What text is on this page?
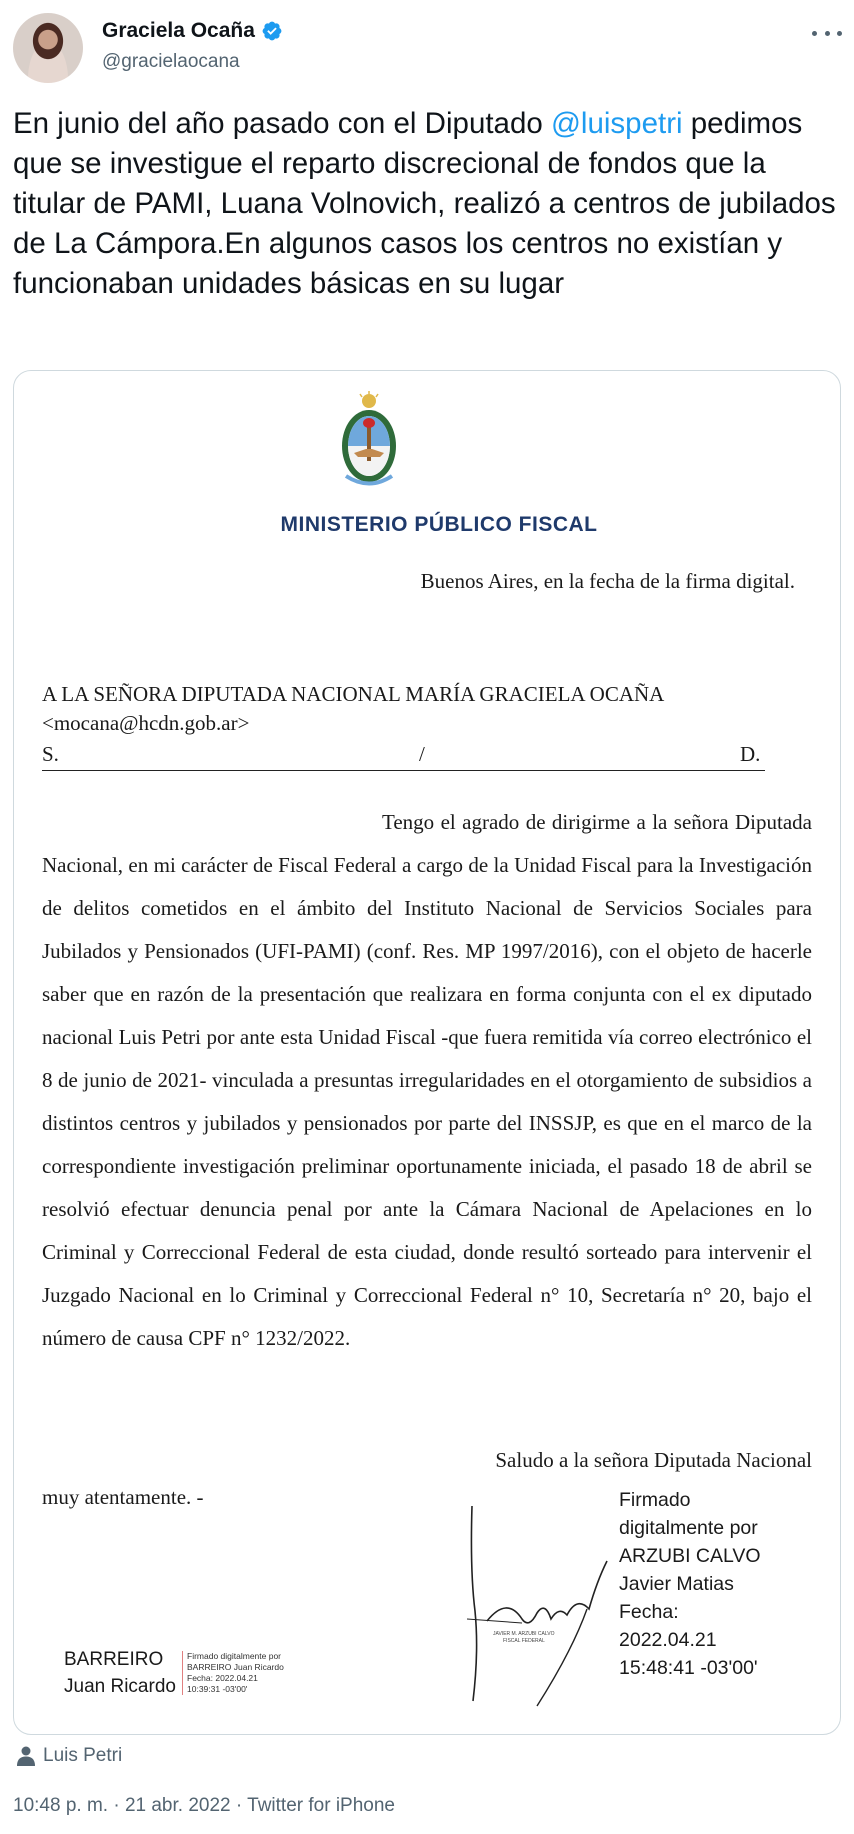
Graciela Ocaña
@gracielaocana
En junio del año pasado con el Diputado @luispetri pedimos que se investigue el reparto discrecional de fondos que la titular de PAMI, Luana Volnovich, realizó a centros de jubilados de La Cámpora.En algunos casos los centros no existían y funcionaban unidades básicas en su lugar
MINISTERIO PÚBLICO FISCAL
Buenos Aires, en la fecha de la firma digital.
A LA SEÑORA DIPUTADA NACIONAL MARÍA GRACIELA OCAÑA
<mocana@hcdn.gob.ar>
S.	/	D.
Tengo el agrado de dirigirme a la señora Diputada Nacional, en mi carácter de Fiscal Federal a cargo de la Unidad Fiscal para la Investigación de delitos cometidos en el ámbito del Instituto Nacional de Servicios Sociales para Jubilados y Pensionados (UFI-PAMI) (conf. Res. MP 1997/2016), con el objeto de hacerle saber que en razón de la presentación que realizara en forma conjunta con el ex diputado nacional Luis Petri por ante esta Unidad Fiscal -que fuera remitida vía correo electrónico el 8 de junio de 2021- vinculada a presuntas irregularidades en el otorgamiento de subsidios a distintos centros y jubilados y pensionados por parte del INSSJP, es que en el marco de la correspondiente investigación preliminar oportunamente iniciada, el pasado 18 de abril se resolvió efectuar denuncia penal por ante la Cámara Nacional de Apelaciones en lo Criminal y Correccional Federal de esta ciudad, donde resultó sorteado para intervenir el Juzgado Nacional en lo Criminal y Correccional Federal n° 10, Secretaría n° 20, bajo el número de causa CPF n° 1232/2022.
Saludo a la señora Diputada Nacional
muy atentamente. -
JAVIER M. ARZUBI CALVO
FISCAL FEDERAL
Firmado
digitalmente por
ARZUBI CALVO
Javier Matias
Fecha:
2022.04.21
15:48:41 -03'00'
BARREIRO
Juan Ricardo
Firmado digitalmente por
BARREIRO Juan Ricardo
Fecha: 2022.04.21
10:39:31 -03'00'
Luis Petri
10:48 p. m. · 21 abr. 2022 · Twitter for iPhone
